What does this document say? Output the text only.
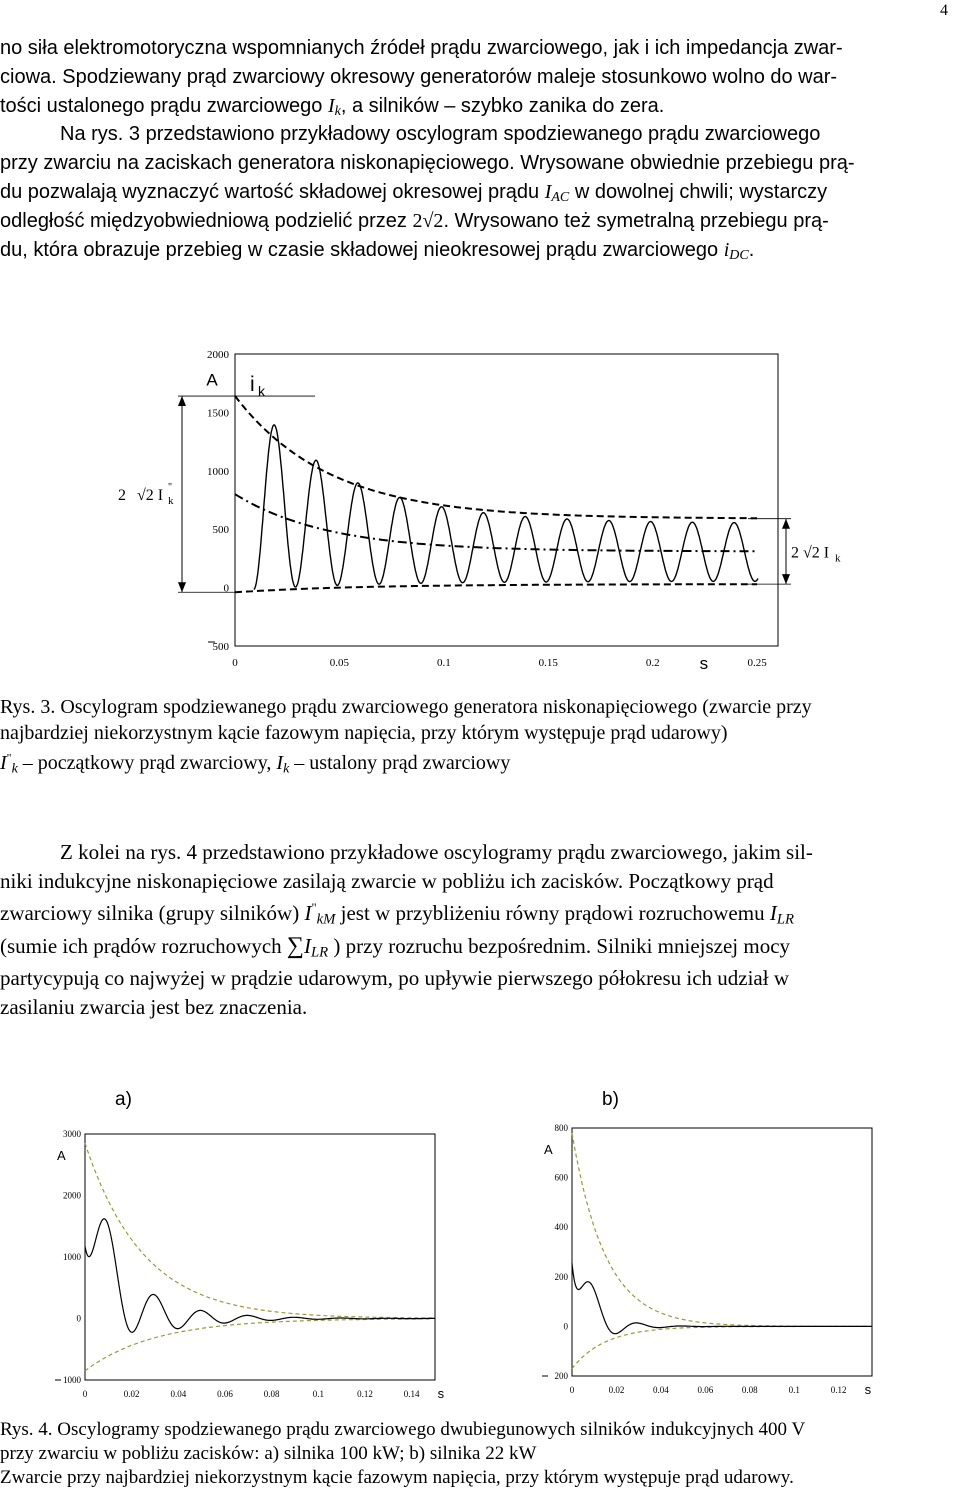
4
no siła elektromotoryczna wspomnianych źródeł prądu zwarciowego, jak i ich impedancja zwar-
ciowa. Spodziewany prąd zwarciowy okresowy generatorów maleje stosunkowo wolno do war-
tości ustalonego prądu zwarciowego $I_k$, a silników – szybko zanika do zera.
Na rys. 3 przedstawiono przykładowy oscylogram spodziewanego prądu zwarciowego
przy zwarciu na zaciskach generatora niskonapięciowego. Wrysowane obwiednie przebiegu prą-
du pozwalają wyznaczyć wartość składowej okresowej prądu $I_{AC}$ w dowolnej chwili; wystarczy
odległość międzyobwiedniową podzielić przez 2√2. Wrysowano też symetralną przebiegu prą-
du, która obrazuje przebieg w czasie składowej nieokresowej prądu zwarciowego $i_{DC}$.
2000
1500
1000
500
0
500
A
0	0.05	0.1	0.15	0.2	0.25
s
i k
2 √2 I "
k
2 √2 I k
Rys. 3. Oscylogram spodziewanego prądu zwarciowego generatora niskonapięciowego (zwarcie przy
najbardziej niekorzystnym kącie fazowym napięcia, przy którym występuje prąd udarowy)
$I^"_k$ – początkowy prąd zwarciowy, $I_k$ – ustalony prąd zwarciowy
Z kolei na rys. 4 przedstawiono przykładowe oscylogramy prądu zwarciowego, jakim sil-
niki indukcyjne niskonapięciowe zasilają zwarcie w pobliżu ich zacisków. Początkowy prąd
zwarciowy silnika (grupy silników) $I^"_{kM}$ jest w przybliżeniu równy prądowi rozruchowemu $I_{LR}$
(sumie ich prądów rozruchowych $\sum I_{LR}$ ) przy rozruchu bezpośrednim. Silniki mniejszej mocy
partycypują co najwyżej w prądzie udarowym, po upływie pierwszego półokresu ich udział w
zasilaniu zwarcia jest bez znaczenia.
a)
3000
2000
1000
0
1000
A
0	0.02	0.04	0.06	0.08	0.1	0.12	0.14 s
b)
800
600
400
200
0
200
A
0	0.02	0.04	0.06	0.08	0.1	0.12 s
Rys. 4. Oscylogramy spodziewanego prądu zwarciowego dwubiegunowych silników indukcyjnych 400 V
przy zwarciu w pobliżu zacisków: a) silnika 100 kW; b) silnika 22 kW
Zwarcie przy najbardziej niekorzystnym kącie fazowym napięcia, przy którym występuje prąd udarowy.
